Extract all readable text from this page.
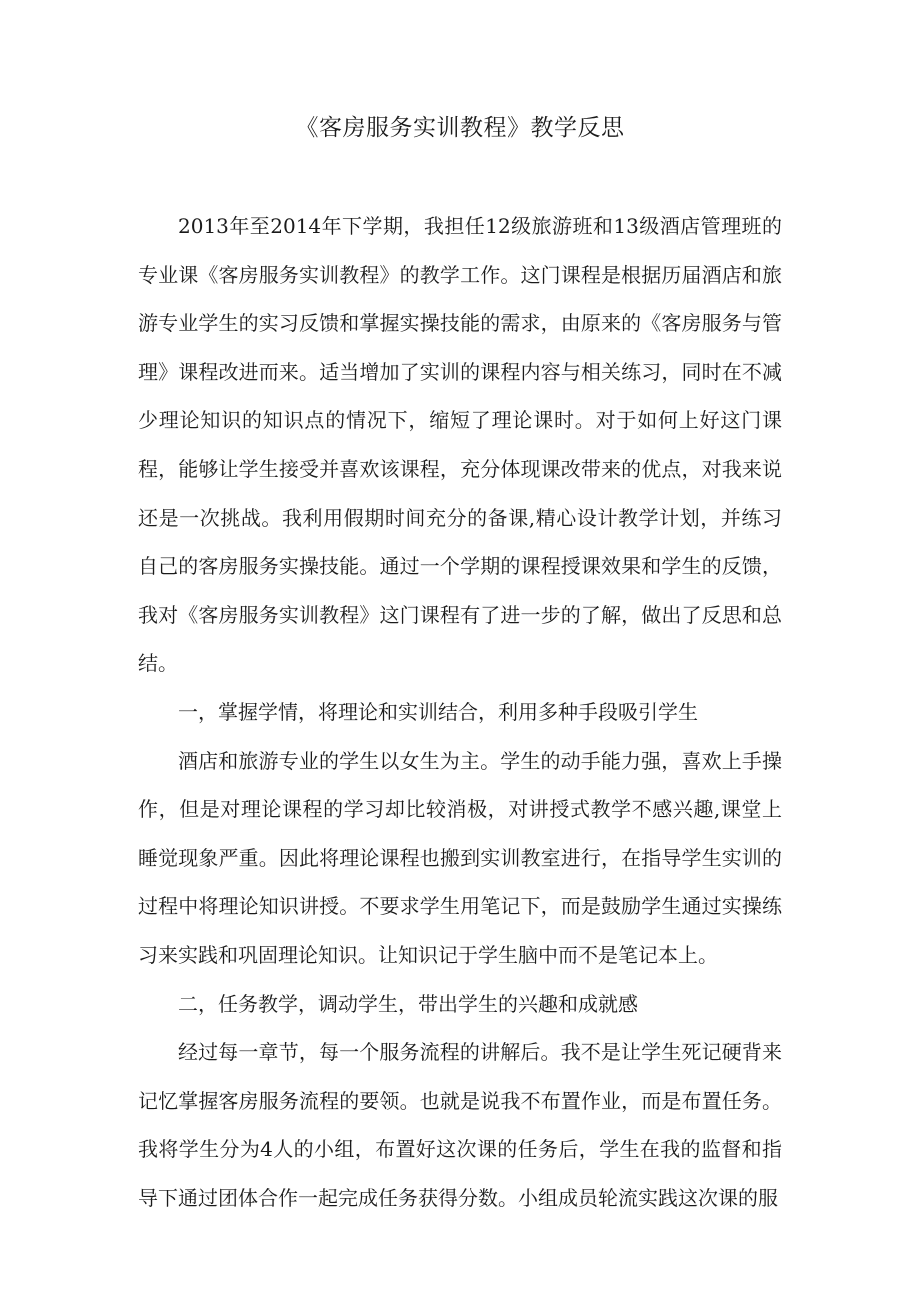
《客房服务实训教程》教学反思

2013年至2014年下学期，我担任12级旅游班和13级酒店管理班的专业课《客房服务实训教程》的教学工作。这门课程是根据历届酒店和旅游专业学生的实习反馈和掌握实操技能的需求，由原来的《客房服务与管理》课程改进而来。适当增加了实训的课程内容与相关练习，同时在不减少理论知识的知识点的情况下，缩短了理论课时。对于如何上好这门课程，能够让学生接受并喜欢该课程，充分体现课改带来的优点，对我来说还是一次挑战。我利用假期时间充分的备课,精心设计教学计划，并练习自己的客房服务实操技能。通过一个学期的课程授课效果和学生的反馈，我对《客房服务实训教程》这门课程有了进一步的了解，做出了反思和总结。

一，掌握学情，将理论和实训结合，利用多种手段吸引学生

酒店和旅游专业的学生以女生为主。学生的动手能力强，喜欢上手操作，但是对理论课程的学习却比较消极，对讲授式教学不感兴趣,课堂上睡觉现象严重。因此将理论课程也搬到实训教室进行，在指导学生实训的过程中将理论知识讲授。不要求学生用笔记下，而是鼓励学生通过实操练习来实践和巩固理论知识。让知识记于学生脑中而不是笔记本上。

二，任务教学，调动学生，带出学生的兴趣和成就感

经过每一章节，每一个服务流程的讲解后。我不是让学生死记硬背来记忆掌握客房服务流程的要领。也就是说我不布置作业，而是布置任务。我将学生分为4人的小组，布置好这次课的任务后，学生在我的监督和指导下通过团体合作一起完成任务获得分数。小组成员轮流实践这次课的服
